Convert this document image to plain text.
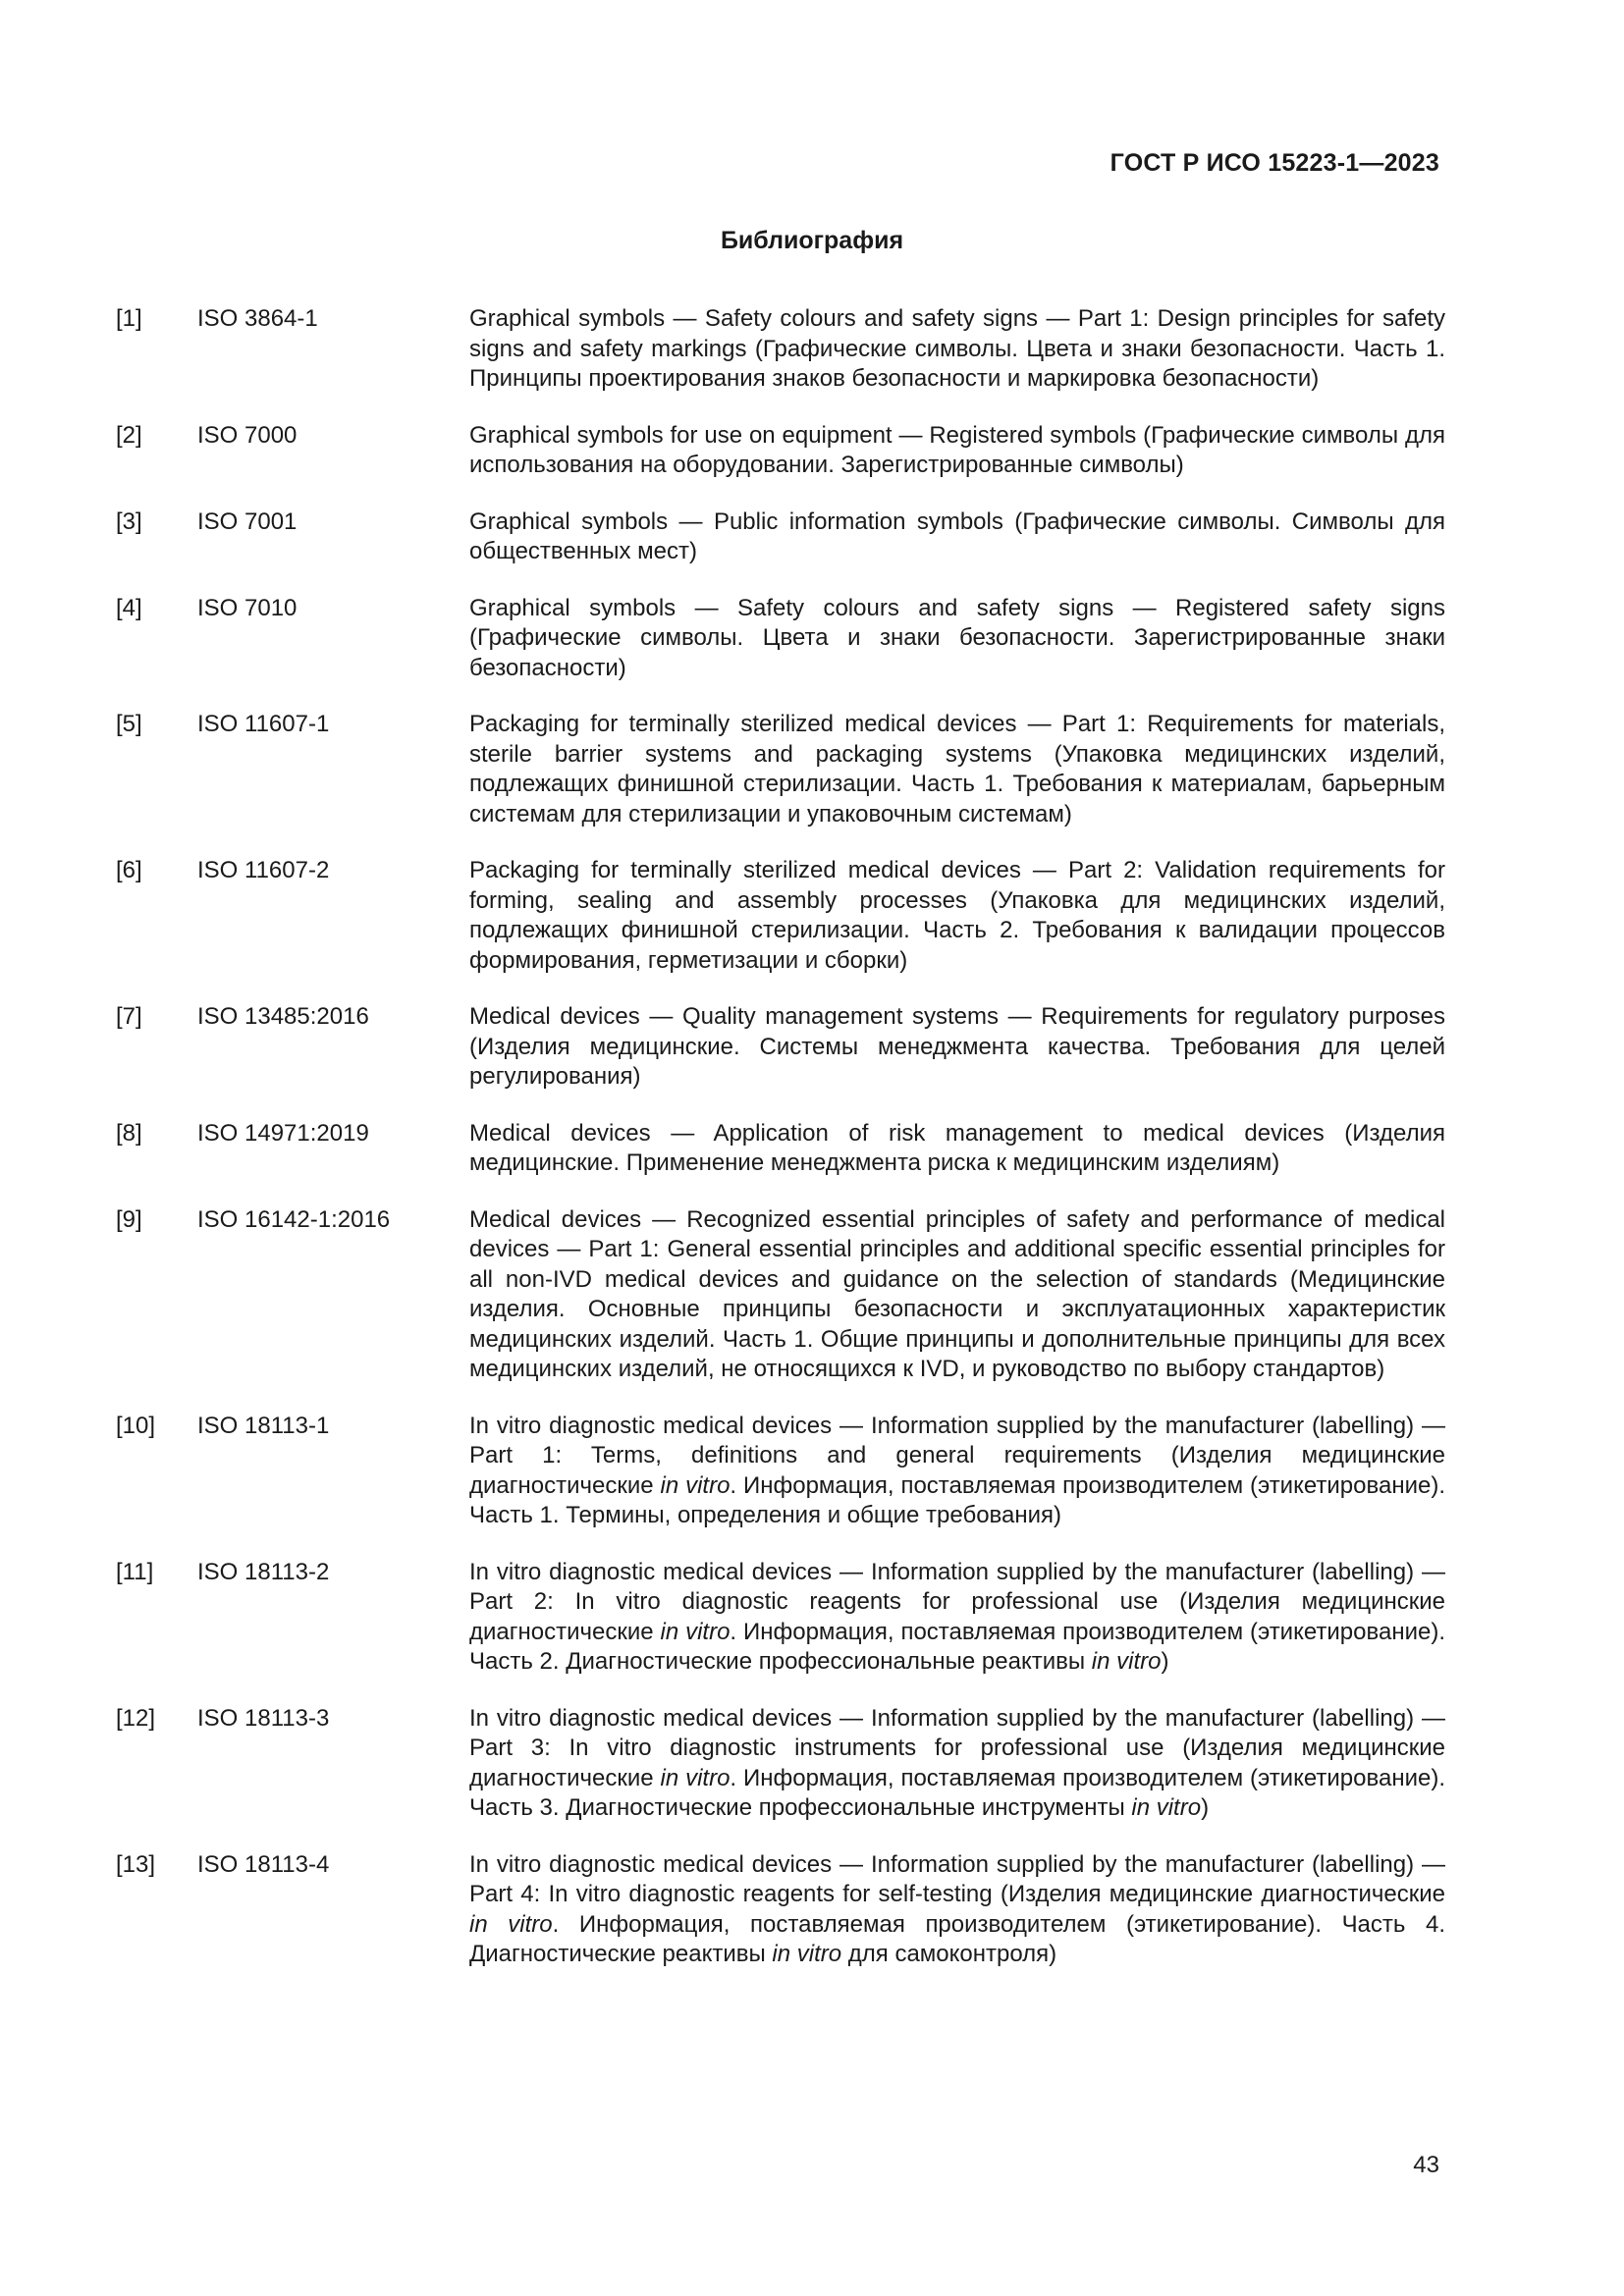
ГОСТ Р ИСО 15223-1—2023
Библиография
[1]	ISO 3864-1	Graphical symbols — Safety colours and safety signs — Part 1: Design principles for safety signs and safety markings (Графические символы. Цвета и знаки безопасности. Часть 1. Принципы проектирования знаков безопасности и маркировка безопасности)
[2]	ISO 7000	Graphical symbols for use on equipment — Registered symbols (Графические символы для использования на оборудовании. Зарегистрированные символы)
[3]	ISO 7001	Graphical symbols — Public information symbols (Графические символы. Символы для общественных мест)
[4]	ISO 7010	Graphical symbols — Safety colours and safety signs — Registered safety signs (Графические символы. Цвета и знаки безопасности. Зарегистрированные знаки безопасности)
[5]	ISO 11607-1	Packaging for terminally sterilized medical devices — Part 1: Requirements for materials, sterile barrier systems and packaging systems (Упаковка медицинских изделий, подлежащих финишной стерилизации. Часть 1. Требования к материалам, барьерным системам для стерилизации и упаковочным системам)
[6]	ISO 11607-2	Packaging for terminally sterilized medical devices — Part 2: Validation requirements for forming, sealing and assembly processes (Упаковка для медицинских изделий, подлежащих финишной стерилизации. Часть 2. Требования к валидации процессов формирования, герметизации и сборки)
[7]	ISO 13485:2016	Medical devices — Quality management systems — Requirements for regulatory purposes (Изделия медицинские. Системы менеджмента качества. Требования для целей регулирования)
[8]	ISO 14971:2019	Medical devices — Application of risk management to medical devices (Изделия медицинские. Применение менеджмента риска к медицинским изделиям)
[9]	ISO 16142-1:2016	Medical devices — Recognized essential principles of safety and performance of medical devices — Part 1: General essential principles and additional specific essential principles for all non-IVD medical devices and guidance on the selection of standards (Медицинские изделия. Основные принципы безопасности и эксплуатационных характеристик медицинских изделий. Часть 1. Общие принципы и дополнительные принципы для всех медицинских изделий, не относящихся к IVD, и руководство по выбору стандартов)
[10]	ISO 18113-1	In vitro diagnostic medical devices — Information supplied by the manufacturer (labelling) — Part 1: Terms, definitions and general requirements (Изделия медицинские диагностические in vitro. Информация, поставляемая производителем (этикетирование). Часть 1. Термины, определения и общие требования)
[11]	ISO 18113-2	In vitro diagnostic medical devices — Information supplied by the manufacturer (labelling) — Part 2: In vitro diagnostic reagents for professional use (Изделия медицинские диагностические in vitro. Информация, поставляемая производителем (этикетирование). Часть 2. Диагностические профессиональные реактивы in vitro)
[12]	ISO 18113-3	In vitro diagnostic medical devices — Information supplied by the manufacturer (labelling) — Part 3: In vitro diagnostic instruments for professional use (Изделия медицинские диагностические in vitro. Информация, поставляемая производителем (этикетирование). Часть 3. Диагностические профессиональные инструменты in vitro)
[13]	ISO 18113-4	In vitro diagnostic medical devices — Information supplied by the manufacturer (labelling) — Part 4: In vitro diagnostic reagents for self-testing (Изделия медицинские диагностические in vitro. Информация, поставляемая производителем (этикетирование). Часть 4. Диагностические реактивы in vitro для самоконтроля)
43
